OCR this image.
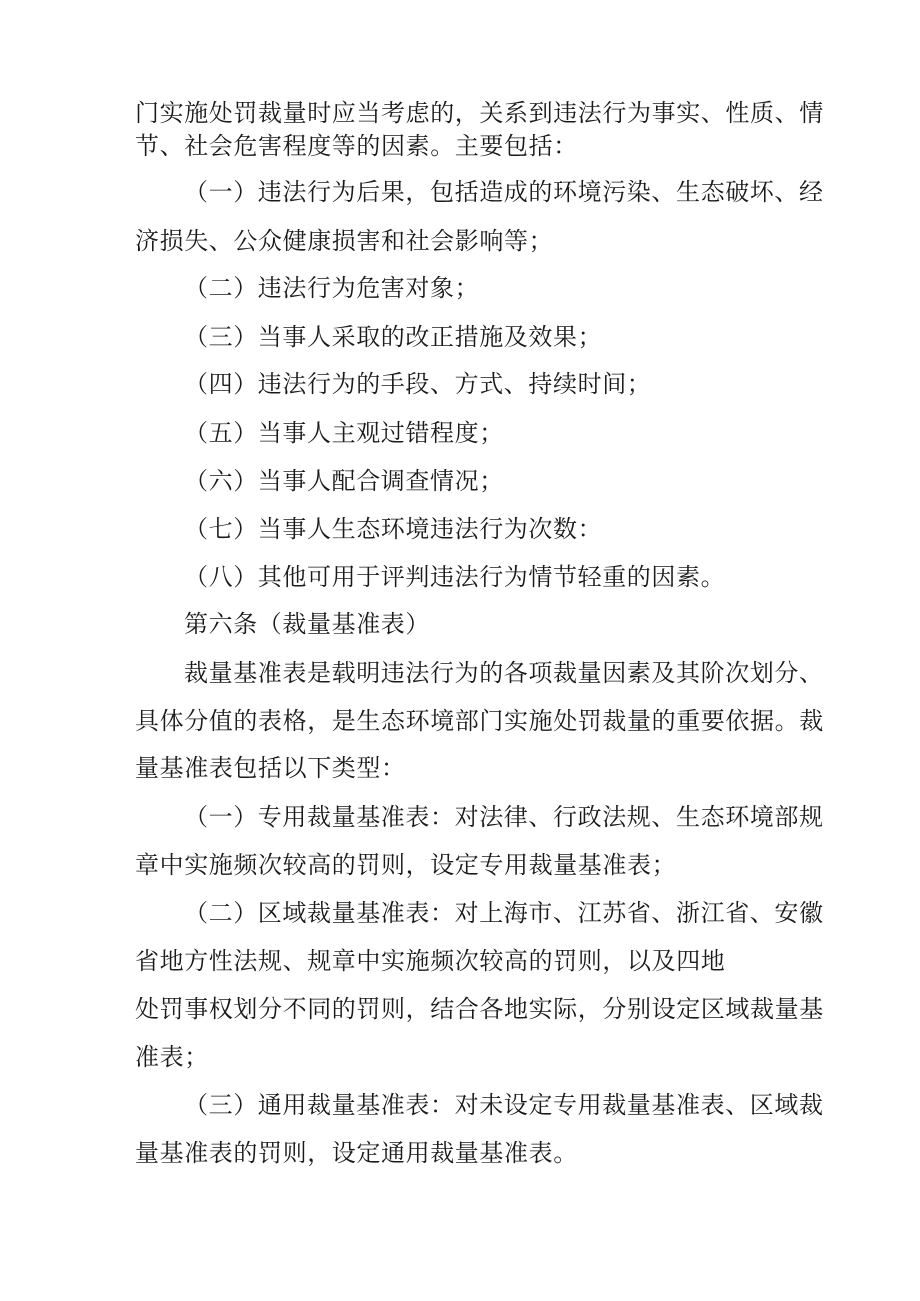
门实施处罚裁量时应当考虑的，关系到违法行为事实、性质、情
节、社会危害程度等的因素。主要包括：
（一）违法行为后果，包括造成的环境污染、生态破坏、经
济损失、公众健康损害和社会影响等；
（二）违法行为危害对象；
（三）当事人采取的改正措施及效果；
（四）违法行为的手段、方式、持续时间；
（五）当事人主观过错程度；
（六）当事人配合调查情况；
（七）当事人生态环境违法行为次数：
（八）其他可用于评判违法行为情节轻重的因素。
第六条（裁量基准表）
裁量基准表是载明违法行为的各项裁量因素及其阶次划分、
具体分值的表格，是生态环境部门实施处罚裁量的重要依据。裁
量基准表包括以下类型：
（一）专用裁量基准表：对法律、行政法规、生态环境部规
章中实施频次较高的罚则，设定专用裁量基准表；
（二）区域裁量基准表：对上海市、江苏省、浙江省、安徽
省地方性法规、规章中实施频次较高的罚则，以及四地
处罚事权划分不同的罚则，结合各地实际，分别设定区域裁量基
准表；
（三）通用裁量基准表：对未设定专用裁量基准表、区域裁
量基准表的罚则，设定通用裁量基准表。
